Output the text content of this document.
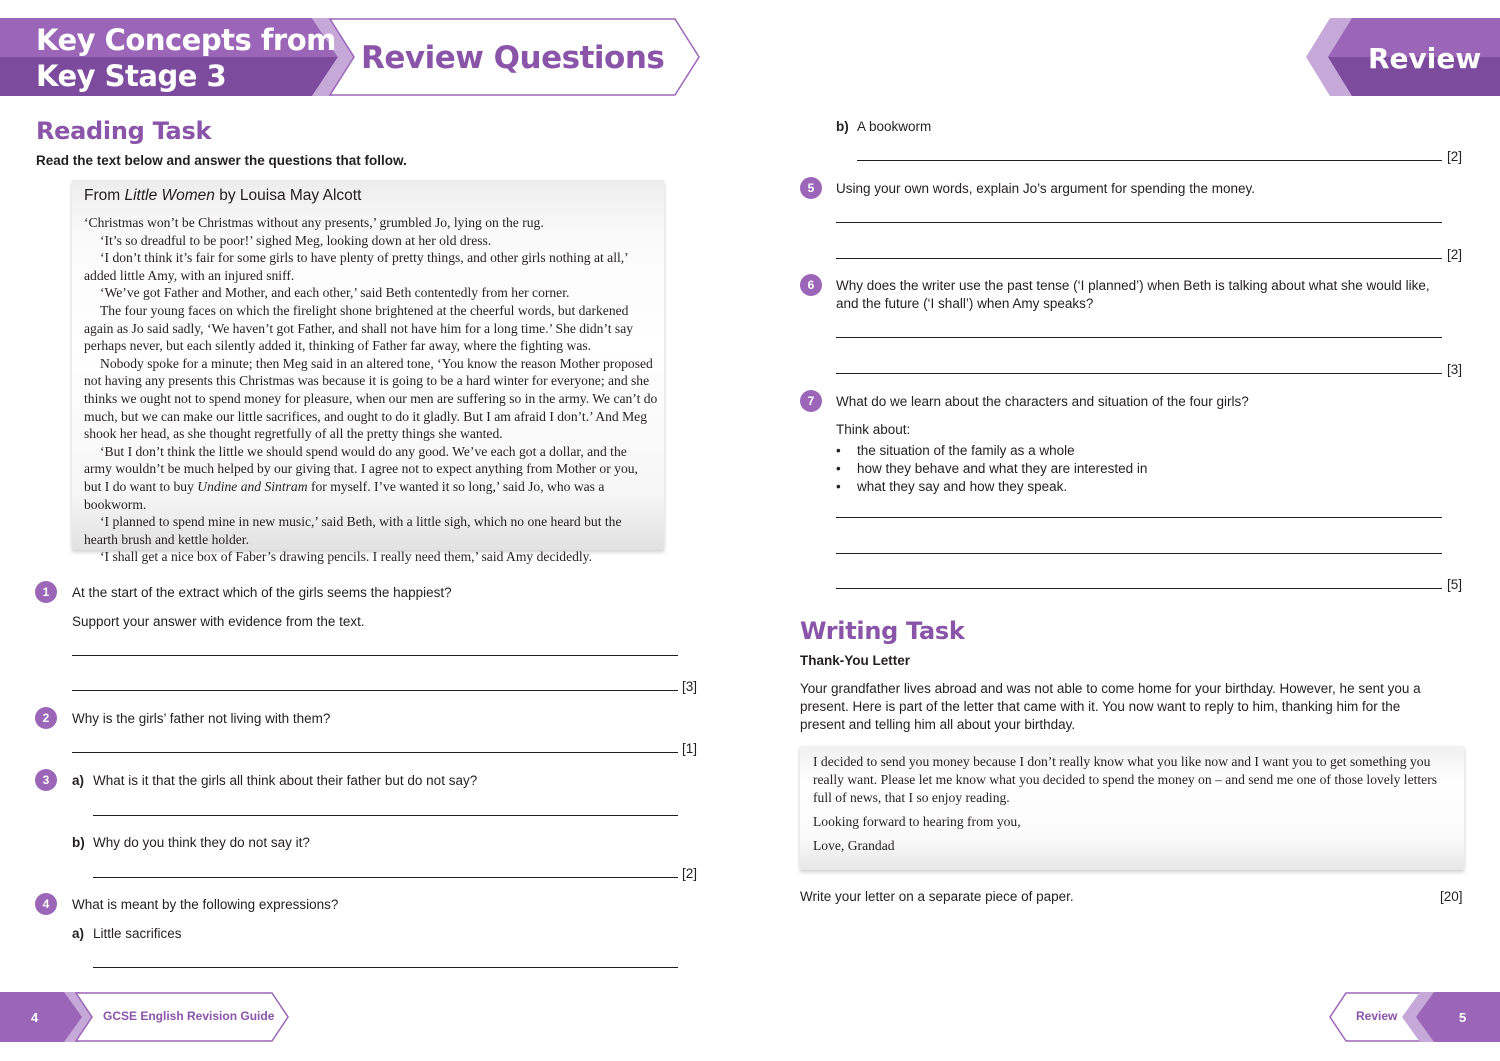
Key Concepts from
Key Stage 3	Review Questions	Review
Reading Task
Read the text below and answer the questions that follow.
From Little Women by Louisa May Alcott

‘Christmas won’t be Christmas without any presents,’ grumbled Jo, lying on the rug.

‘It’s so dreadful to be poor!’ sighed Meg, looking down at her old dress.

‘I don’t think it’s fair for some girls to have plenty of pretty things, and other girls nothing at all,’ added little Amy, with an injured sniff.

‘We’ve got Father and Mother, and each other,’ said Beth contentedly from her corner.

The four young faces on which the firelight shone brightened at the cheerful words, but darkened again as Jo said sadly, ‘We haven’t got Father, and shall not have him for a long time.’ She didn’t say perhaps never, but each silently added it, thinking of Father far away, where the fighting was.

Nobody spoke for a minute; then Meg said in an altered tone, ‘You know the reason Mother proposed not having any presents this Christmas was because it is going to be a hard winter for everyone; and she thinks we ought not to spend money for pleasure, when our men are suffering so in the army. We can’t do much, but we can make our little sacrifices, and ought to do it gladly. But I am afraid I don’t.’ And Meg shook her head, as she thought regretfully of all the pretty things she wanted.

‘But I don’t think the little we should spend would do any good. We’ve each got a dollar, and the army wouldn’t be much helped by our giving that. I agree not to expect anything from Mother or you, but I do want to buy Undine and Sintram for myself. I’ve wanted it so long,’ said Jo, who was a bookworm.

‘I planned to spend mine in new music,’ said Beth, with a little sigh, which no one heard but the hearth brush and kettle holder.

‘I shall get a nice box of Faber’s drawing pencils. I really need them,’ said Amy decidedly.

1	At the start of the extract which of the girls seems the happiest?
Support your answer with evidence from the text.
[3]
2	Why is the girls’ father not living with them?
[1]
3	a) What is it that the girls all think about their father but do not say?
b) Why do you think they do not say it?
[2]
4	What is meant by the following expressions?
a) Little sacrifices
b) A bookworm
[2]
5	Using your own words, explain Jo’s argument for spending the money.
[2]
6	Why does the writer use the past tense (‘I planned’) when Beth is talking about what she would like,
and the future (‘I shall’) when Amy speaks?
[3]
7	What do we learn about the characters and situation of the four girls?
Think about:
• the situation of the family as a whole
• how they behave and what they are interested in
• what they say and how they speak.
[5]
Writing Task
Thank-You Letter
Your grandfather lives abroad and was not able to come home for your birthday. However, he sent you a
present. Here is part of the letter that came with it. You now want to reply to him, thanking him for the
present and telling him all about your birthday.

I decided to send you money because I don’t really know what you like now and I want you to get something you really want. Please let me know what you decided to spend the money on – and send me one of those lovely letters full of news, that I so enjoy reading.

Looking forward to hearing from you,

Love, Grandad

Write your letter on a separate piece of paper.	[20]
4	GCSE English Revision Guide	Review	5
